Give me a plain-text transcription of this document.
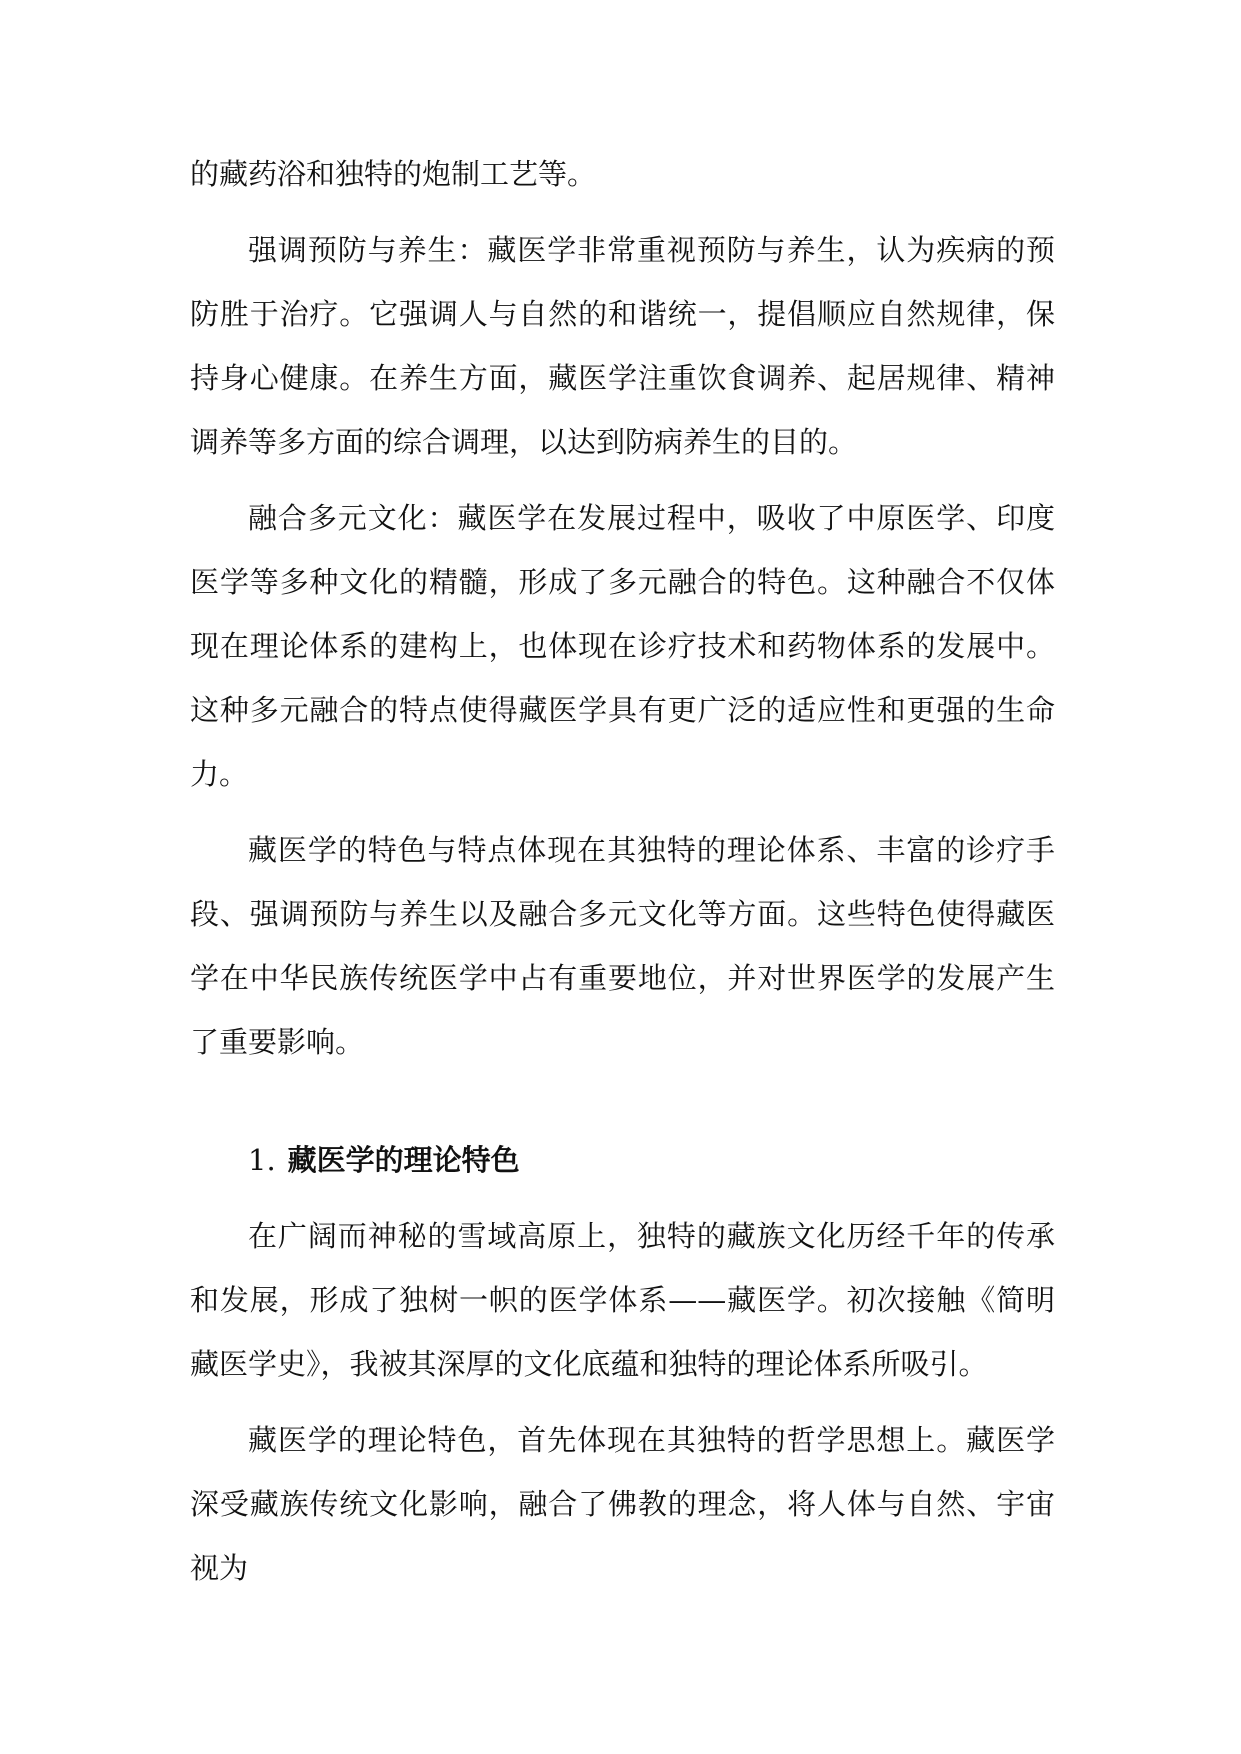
的藏药浴和独特的炮制工艺等。

强调预防与养生：藏医学非常重视预防与养生，认为疾病的预防胜于治疗。它强调人与自然的和谐统一，提倡顺应自然规律，保持身心健康。在养生方面，藏医学注重饮食调养、起居规律、精神调养等多方面的综合调理，以达到防病养生的目的。

融合多元文化：藏医学在发展过程中，吸收了中原医学、印度医学等多种文化的精髓，形成了多元融合的特色。这种融合不仅体现在理论体系的建构上，也体现在诊疗技术和药物体系的发展中。这种多元融合的特点使得藏医学具有更广泛的适应性和更强的生命力。

藏医学的特色与特点体现在其独特的理论体系、丰富的诊疗手段、强调预防与养生以及融合多元文化等方面。这些特色使得藏医学在中华民族传统医学中占有重要地位，并对世界医学的发展产生了重要影响。

1. 藏医学的理论特色

在广阔而神秘的雪域高原上，独特的藏族文化历经千年的传承和发展，形成了独树一帜的医学体系——藏医学。初次接触《简明藏医学史》，我被其深厚的文化底蕴和独特的理论体系所吸引。

藏医学的理论特色，首先体现在其独特的哲学思想上。藏医学深受藏族传统文化影响，融合了佛教的理念，将人体与自然、宇宙视为
